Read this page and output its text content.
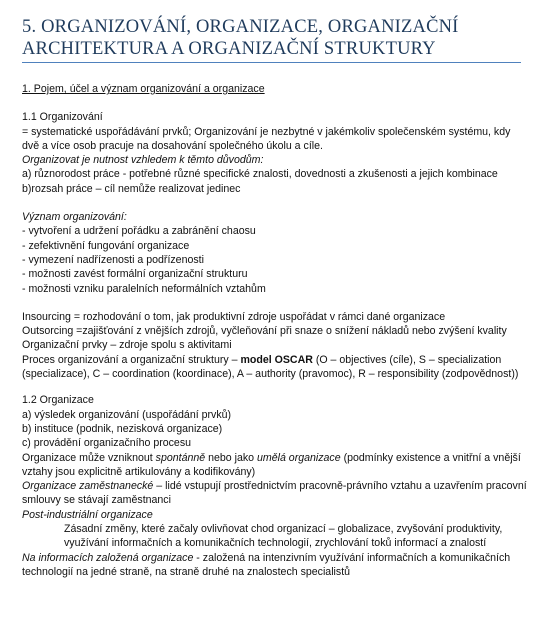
5. ORGANIZOVÁNÍ, ORGANIZACE, ORGANIZAČNÍ
ARCHITEKTURA A ORGANIZAČNÍ STRUKTURY

1. Pojem, účel a význam organizování a organizace

1.1 Organizování

= systematické uspořádávání prvků; Organizování je nezbytné v jakémkoliv společenském systému, kdy dvě a více osob pracuje na dosahování společného úkolu a cíle.

Organizovat je nutnost vzhledem k těmto důvodům:

a) různorodost práce - potřebné různé specifické znalosti, dovednosti a zkušenosti a jejich kombinace

b)rozsah práce – cíl nemůže realizovat jedinec

Význam organizování:

- vytvoření a udržení pořádku a zabránění chaosu

- zefektivnění fungování organizace

- vymezení nadřízenosti a podřízenosti

- možnosti zavést formální organizační strukturu

- možnosti vzniku paralelních neformálních vztahům

Insourcing = rozhodování o tom, jak produktivní zdroje uspořádat v rámci dané organizace

Outsorcing =zajišťování z vnějších zdrojů, vyčleňování při snaze o snížení nákladů nebo zvýšení kvality

Organizační prvky – zdroje spolu s aktivitami

Proces organizování a organizační struktury – model OSCAR (O – objectives (cíle), S – specialization (specializace), C – coordination (koordinace), A – authority (pravomoc), R – responsibility (zodpovědnost))

1.2 Organizace

a) výsledek organizování (uspořádání prvků)

b) instituce (podnik, nezisková organizace)

c) provádění organizačního procesu

Organizace může vzniknout spontánně nebo jako umělá organizace (podmínky existence a vnitřní a vnější vztahy jsou explicitně artikulovány a kodifikovány)

Organizace zaměstnanecké – lidé vstupují prostřednictvím pracovně-právního vztahu a uzavřením pracovní smlouvy se stávají zaměstnanci

Post-industriální organizace

Zásadní změny, které začaly ovlivňovat chod organizací – globalizace, zvyšování produktivity, využívání informačních a komunikačních technologií, zrychlování toků informací a znalostí

Na informacích založená organizace - založená na intenzivním využívání informačních a komunikačních technologií na jedné straně, na straně druhé na znalostech specialistů
